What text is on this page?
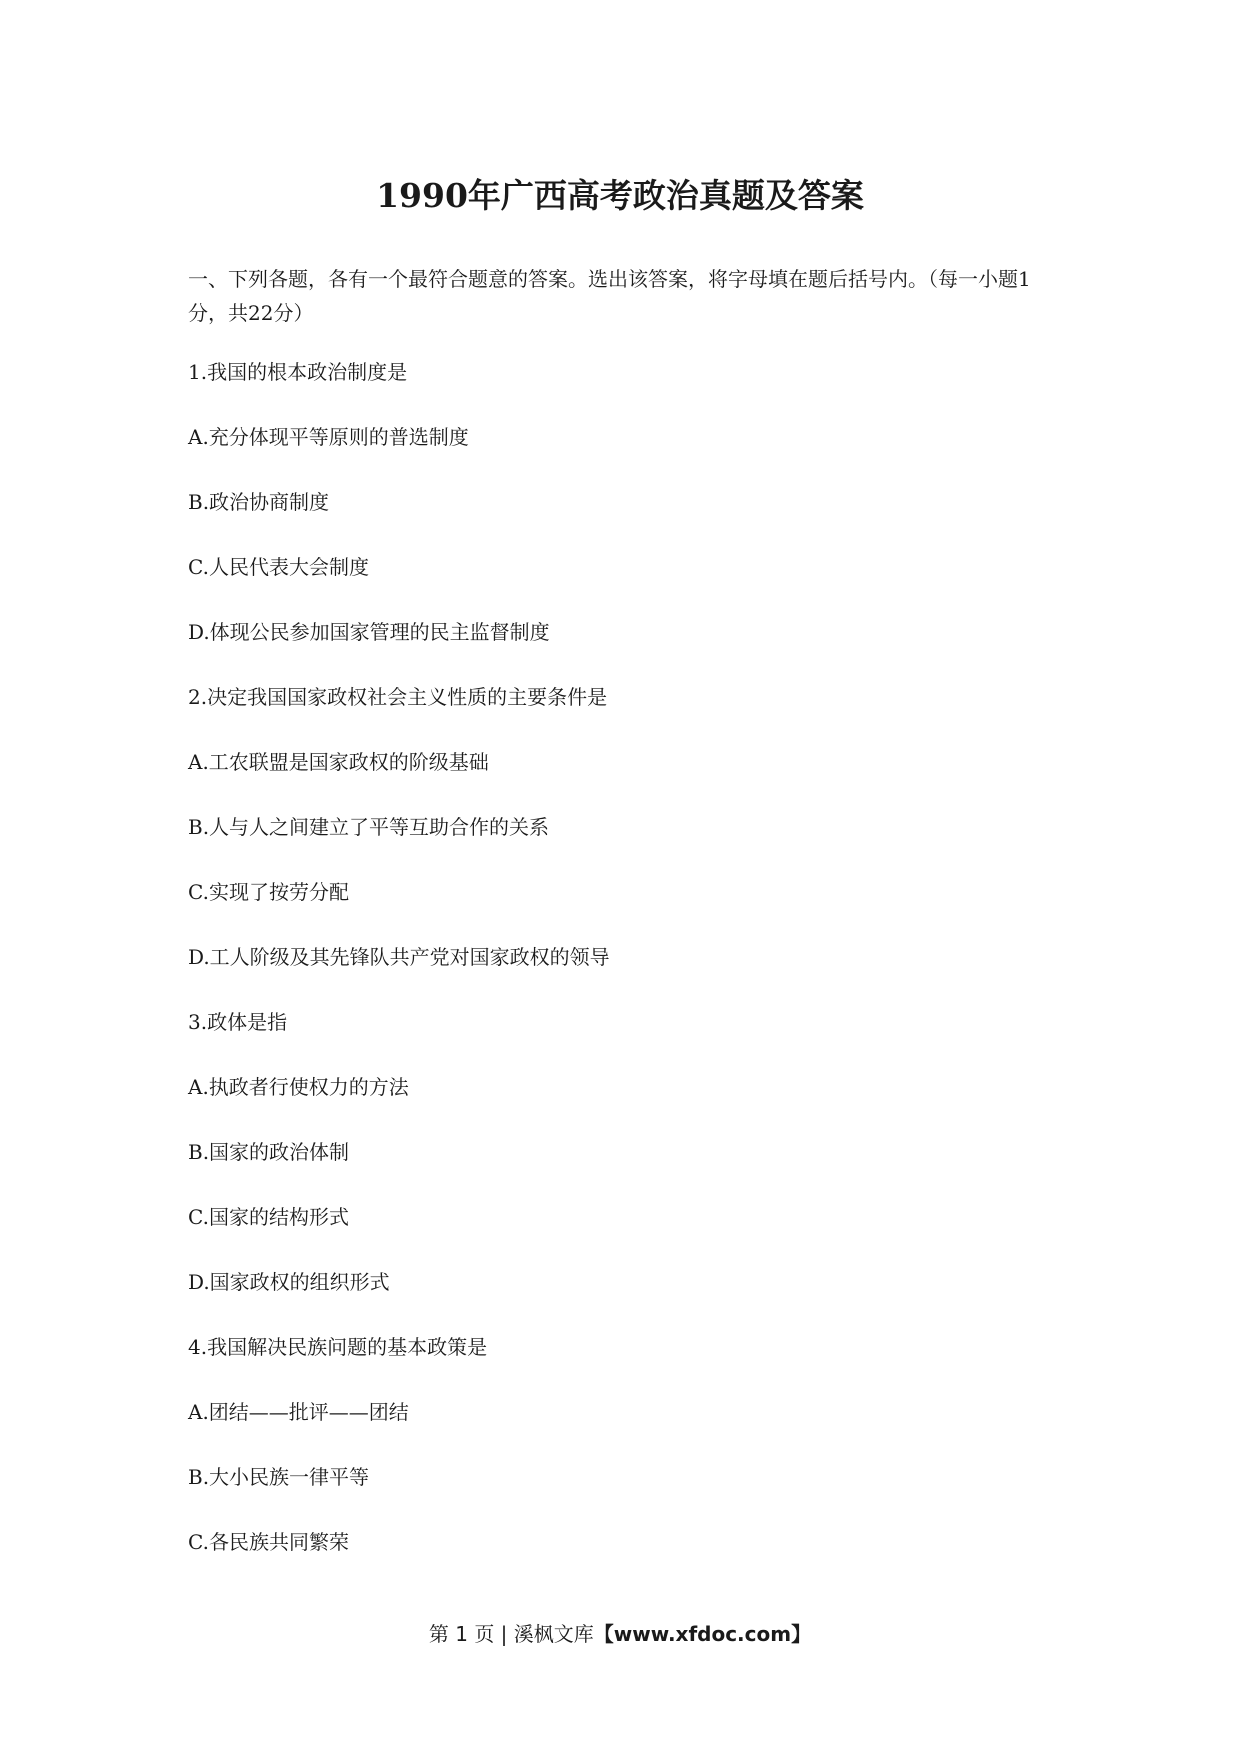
1990年广西高考政治真题及答案
一、下列各题，各有一个最符合题意的答案。选出该答案，将字母填在题后括号内。（每一小题1分，共22分）
1.我国的根本政治制度是
A.充分体现平等原则的普选制度
B.政治协商制度
C.人民代表大会制度
D.体现公民参加国家管理的民主监督制度
2.决定我国国家政权社会主义性质的主要条件是
A.工农联盟是国家政权的阶级基础
B.人与人之间建立了平等互助合作的关系
C.实现了按劳分配
D.工人阶级及其先锋队共产党对国家政权的领导
3.政体是指
A.执政者行使权力的方法
B.国家的政治体制
C.国家的结构形式
D.国家政权的组织形式
4.我国解决民族问题的基本政策是
A.团结——批评——团结
B.大小民族一律平等
C.各民族共同繁荣
第 1 页 | 溪枫文库【www.xfdoc.com】
